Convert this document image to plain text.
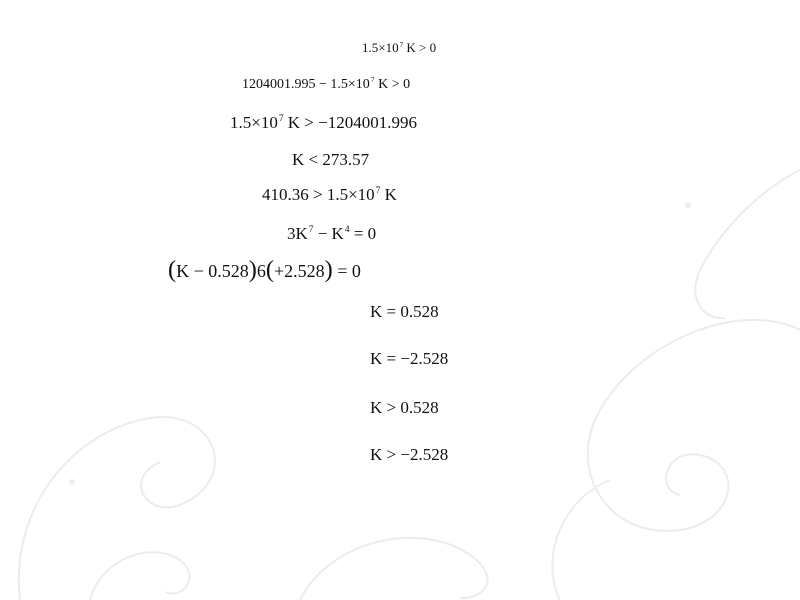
$1.5\times 10^7$ K > 0
$1204001.995 - 1.5\times 10^7$ K > 0
$1.5\times 10^7$ K > −1204001.996
K < 273.57
$410.36 > 1.5\times 10^7$ K
$3K^7 - K^4 = 0$
(K − 0.528)6(+2.528) = 0
K = 0.528
K = −2.528
K > 0.528
K > −2.528
